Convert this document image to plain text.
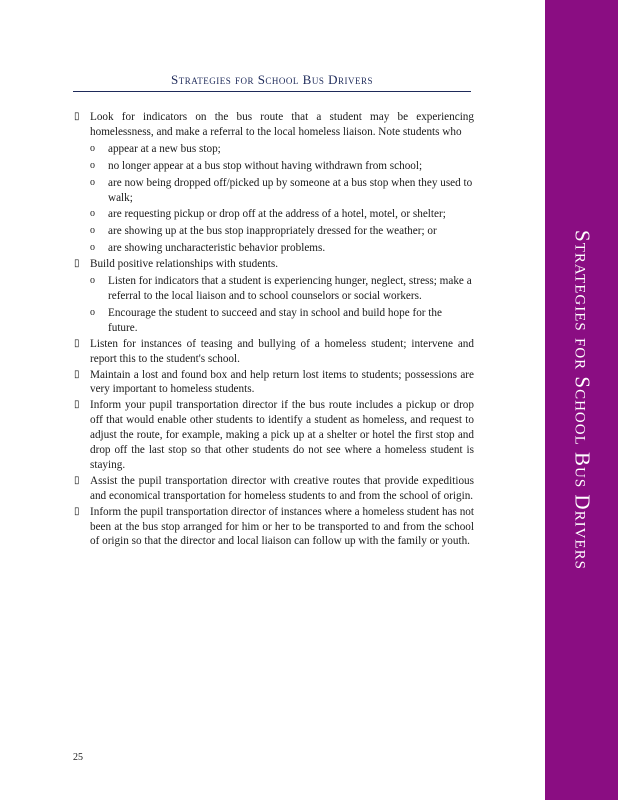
Strategies for School Bus Drivers
▯ Look for indicators on the bus route that a student may be experiencing homelessness, and make a referral to the local homeless liaison. Note students who
o appear at a new bus stop;
o no longer appear at a bus stop without having withdrawn from school;
o are now being dropped off/picked up by someone at a bus stop when they used to walk;
o are requesting pickup or drop off at the address of a hotel, motel, or shelter;
o are showing up at the bus stop inappropriately dressed for the weather; or
o are showing uncharacteristic behavior problems.
▯ Build positive relationships with students.
o Listen for indicators that a student is experiencing hunger, neglect, stress; make a referral to the local liaison and to school counselors or social workers.
o Encourage the student to succeed and stay in school and build hope for the future.
▯ Listen for instances of teasing and bullying of a homeless student; intervene and report this to the student's school.
▯ Maintain a lost and found box and help return lost items to students; possessions are very important to homeless students.
▯ Inform your pupil transportation director if the bus route includes a pickup or drop off that would enable other students to identify a student as homeless, and request to adjust the route, for example, making a pick up at a shelter or hotel the first stop and drop off the last stop so that other students do not see where a homeless student is staying.
▯ Assist the pupil transportation director with creative routes that provide expeditious and economical transportation for homeless students to and from the school of origin.
▯ Inform the pupil transportation director of instances where a homeless student has not been at the bus stop arranged for him or her to be transported to and from the school of origin so that the director and local liaison can follow up with the family or youth.
25
Strategies for School Bus Drivers
